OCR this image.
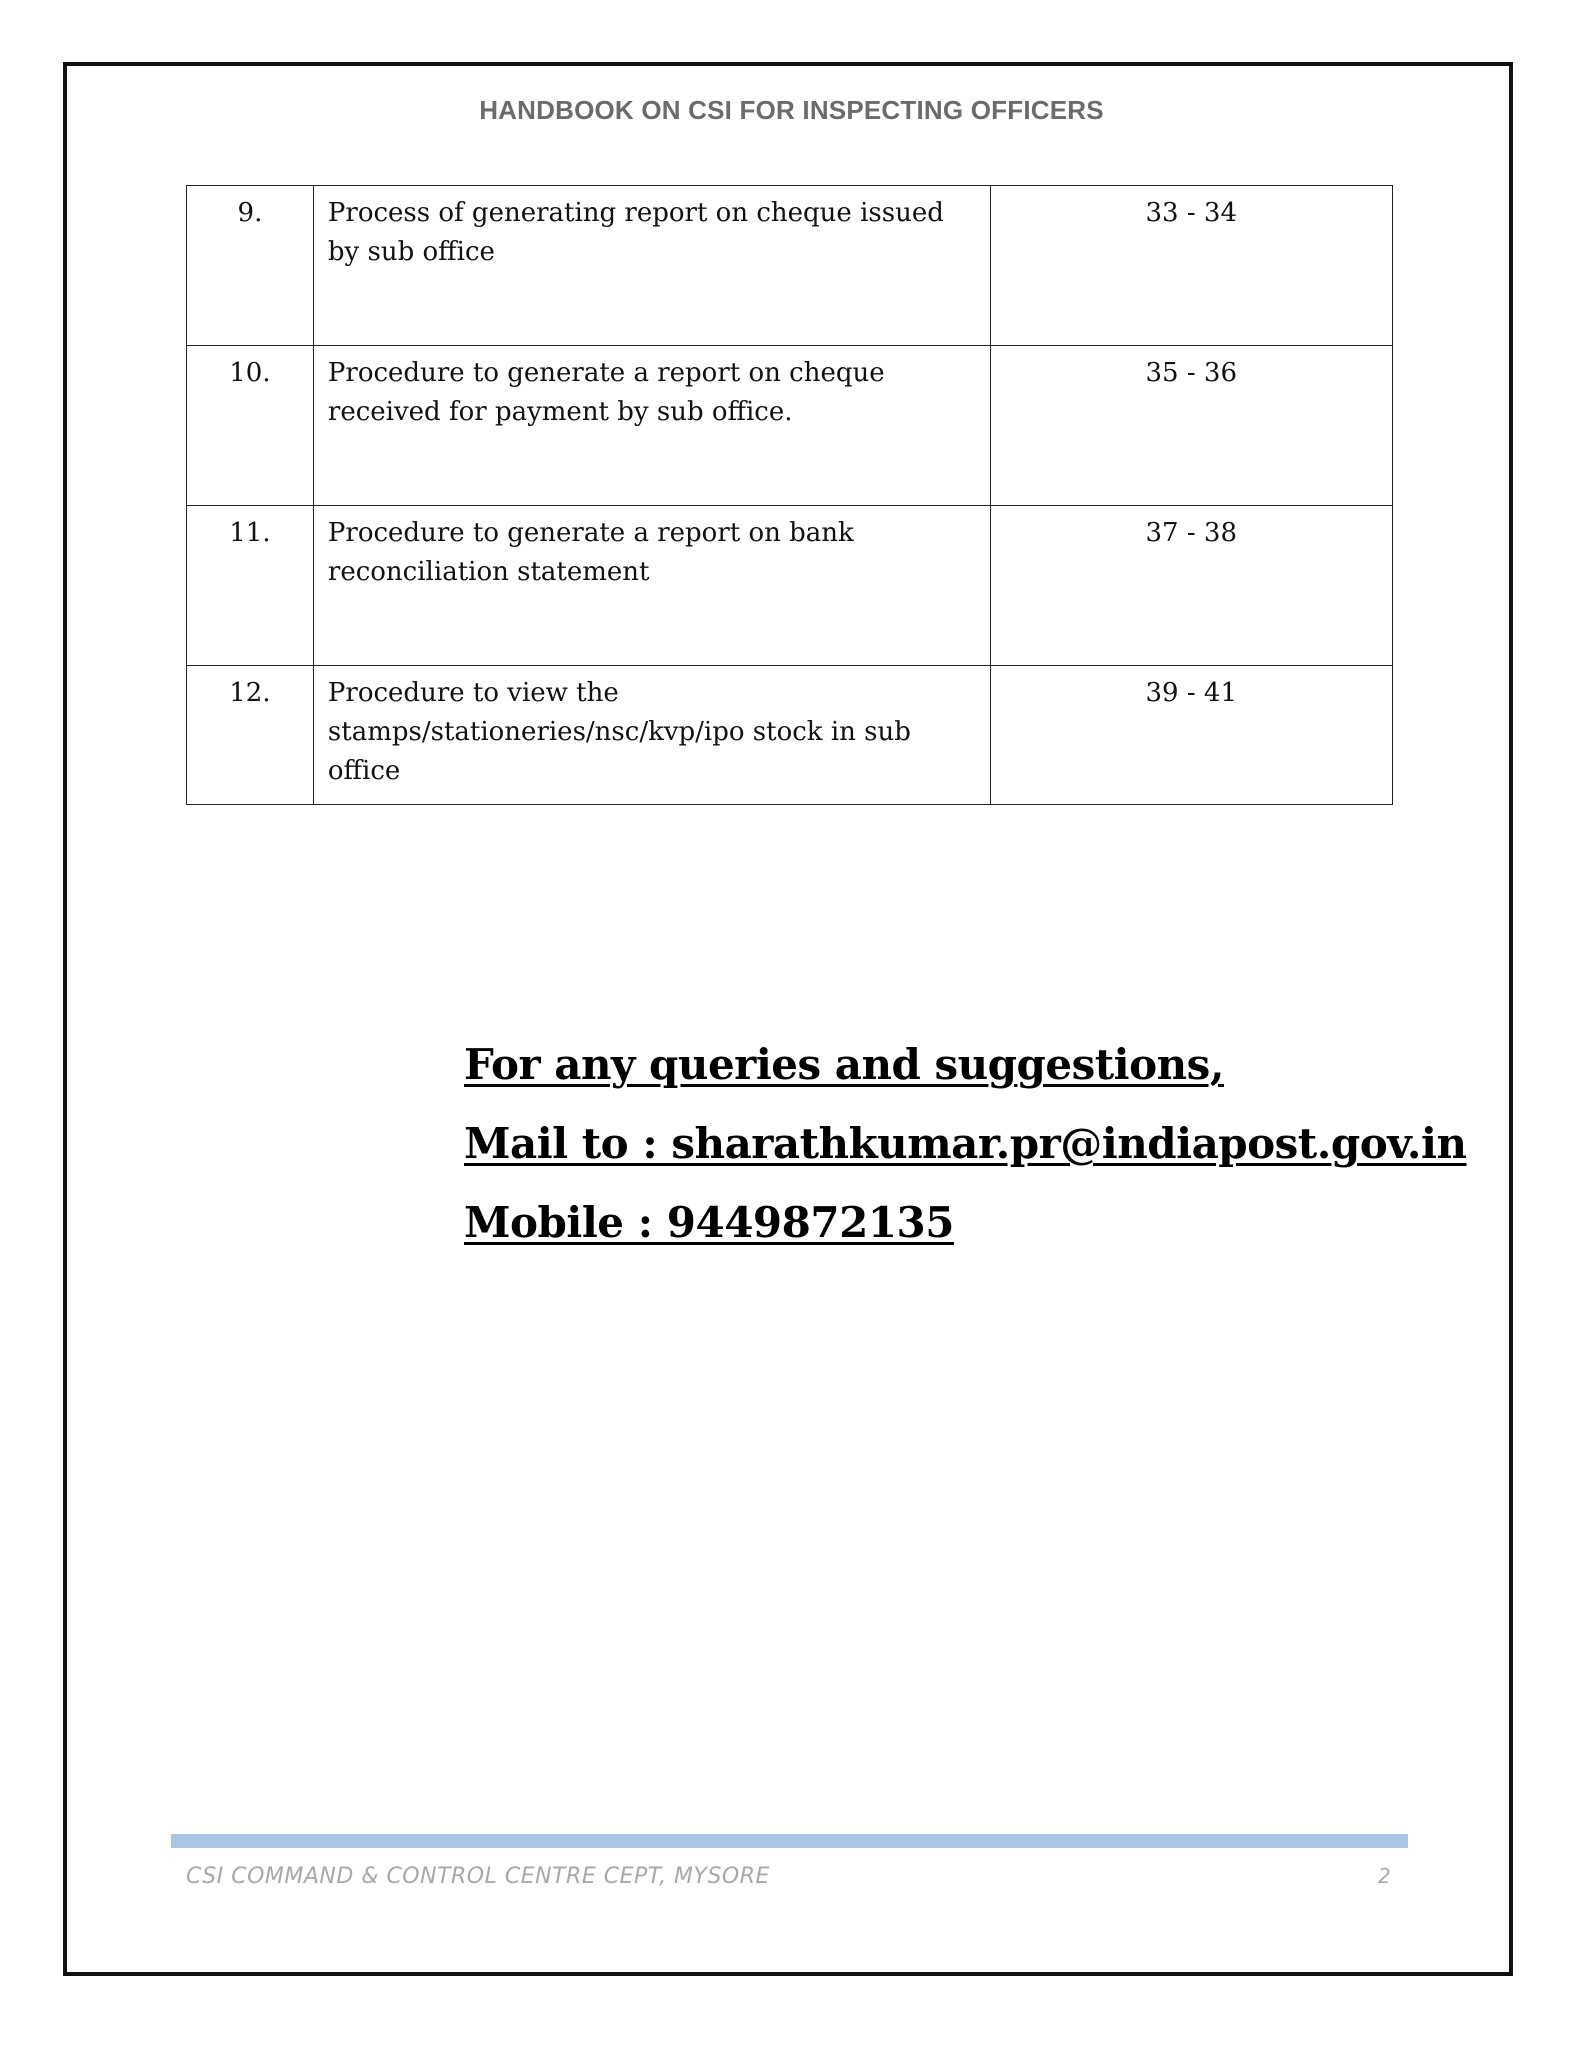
HANDBOOK ON CSI FOR INSPECTING OFFICERS
9.	Process of generating report on cheque issued by sub office	33 - 34
10.	Procedure to generate a report on cheque received for payment by sub office.	35 - 36
11.	Procedure to generate a report on bank reconciliation statement	37 - 38
12.	Procedure to view the stamps/stationeries/nsc/kvp/ipo stock in sub office	39 - 41
For any queries and suggestions,
Mail to : sharathkumar.pr@indiapost.gov.in
Mobile : 9449872135
CSI COMMAND & CONTROL CENTRE CEPT, MYSORE	2
